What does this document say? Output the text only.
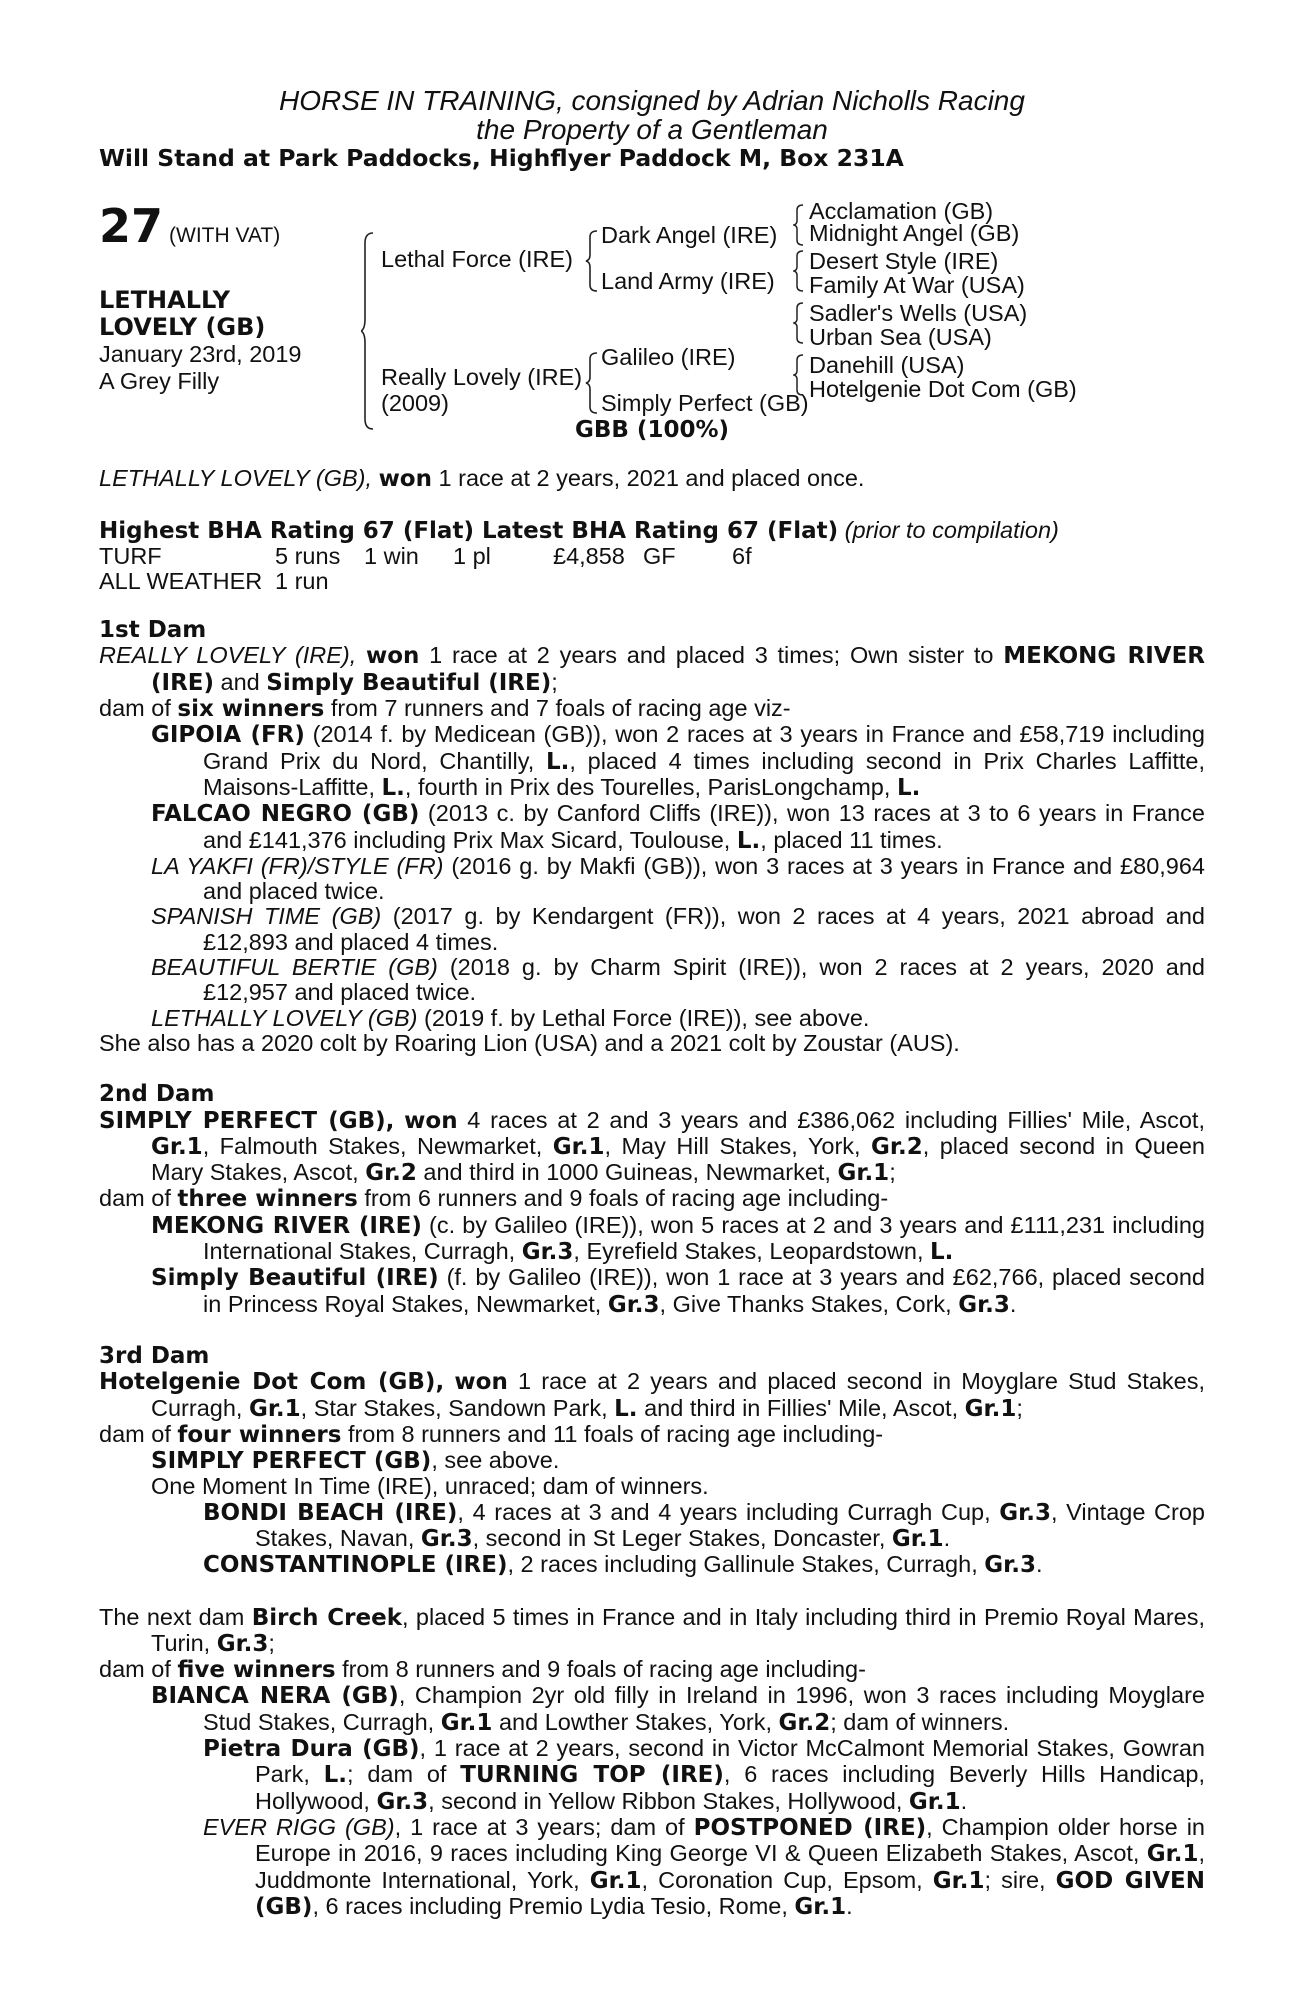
HORSE IN TRAINING, consigned by Adrian Nicholls Racing
the Property of a Gentleman
Will Stand at Park Paddocks, Highflyer Paddock M, Box 231A
27 (WITH VAT)
LETHALLY
LOVELY (GB)
January 23rd, 2019
A Grey Filly
Lethal Force (IRE)
Really Lovely (IRE)
(2009)
Dark Angel (IRE)
Land Army (IRE)
Galileo (IRE)
Simply Perfect (GB)
Acclamation (GB)
Midnight Angel (GB)
Desert Style (IRE)
Family At War (USA)
Sadler's Wells (USA)
Urban Sea (USA)
Danehill (USA)
Hotelgenie Dot Com (GB)
GBB (100%)
LETHALLY LOVELY (GB), won 1 race at 2 years, 2021 and placed once.
Highest BHA Rating 67 (Flat) Latest BHA Rating 67 (Flat) (prior to compilation)
TURF	5 runs	1 win	1 pl	£4,858	GF	6f
ALL WEATHER	1 run					
1st Dam
REALLY LOVELY (IRE), won 1 race at 2 years and placed 3 times; Own sister to MEKONG RIVER (IRE) and Simply Beautiful (IRE);
dam of six winners from 7 runners and 7 foals of racing age viz-
GIPOIA (FR) (2014 f. by Medicean (GB)), won 2 races at 3 years in France and £58,719 including Grand Prix du Nord, Chantilly, L., placed 4 times including second in Prix Charles Laffitte, Maisons-Laffitte, L., fourth in Prix des Tourelles, ParisLongchamp, L.
FALCAO NEGRO (GB) (2013 c. by Canford Cliffs (IRE)), won 13 races at 3 to 6 years in France and £141,376 including Prix Max Sicard, Toulouse, L., placed 11 times.
LA YAKFI (FR)/STYLE (FR) (2016 g. by Makfi (GB)), won 3 races at 3 years in France and £80,964 and placed twice.
SPANISH TIME (GB) (2017 g. by Kendargent (FR)), won 2 races at 4 years, 2021 abroad and £12,893 and placed 4 times.
BEAUTIFUL BERTIE (GB) (2018 g. by Charm Spirit (IRE)), won 2 races at 2 years, 2020 and £12,957 and placed twice.
LETHALLY LOVELY (GB) (2019 f. by Lethal Force (IRE)), see above.
She also has a 2020 colt by Roaring Lion (USA) and a 2021 colt by Zoustar (AUS).
2nd Dam
SIMPLY PERFECT (GB), won 4 races at 2 and 3 years and £386,062 including Fillies' Mile, Ascot, Gr.1, Falmouth Stakes, Newmarket, Gr.1, May Hill Stakes, York, Gr.2, placed second in Queen Mary Stakes, Ascot, Gr.2 and third in 1000 Guineas, Newmarket, Gr.1;
dam of three winners from 6 runners and 9 foals of racing age including-
MEKONG RIVER (IRE) (c. by Galileo (IRE)), won 5 races at 2 and 3 years and £111,231 including International Stakes, Curragh, Gr.3, Eyrefield Stakes, Leopardstown, L.
Simply Beautiful (IRE) (f. by Galileo (IRE)), won 1 race at 3 years and £62,766, placed second in Princess Royal Stakes, Newmarket, Gr.3, Give Thanks Stakes, Cork, Gr.3.
3rd Dam
Hotelgenie Dot Com (GB), won 1 race at 2 years and placed second in Moyglare Stud Stakes, Curragh, Gr.1, Star Stakes, Sandown Park, L. and third in Fillies' Mile, Ascot, Gr.1;
dam of four winners from 8 runners and 11 foals of racing age including-
SIMPLY PERFECT (GB), see above.
One Moment In Time (IRE), unraced; dam of winners.
BONDI BEACH (IRE), 4 races at 3 and 4 years including Curragh Cup, Gr.3, Vintage Crop Stakes, Navan, Gr.3, second in St Leger Stakes, Doncaster, Gr.1.
CONSTANTINOPLE (IRE), 2 races including Gallinule Stakes, Curragh, Gr.3.
The next dam Birch Creek, placed 5 times in France and in Italy including third in Premio Royal Mares, Turin, Gr.3;
dam of five winners from 8 runners and 9 foals of racing age including-
BIANCA NERA (GB), Champion 2yr old filly in Ireland in 1996, won 3 races including Moyglare Stud Stakes, Curragh, Gr.1 and Lowther Stakes, York, Gr.2; dam of winners.
Pietra Dura (GB), 1 race at 2 years, second in Victor McCalmont Memorial Stakes, Gowran Park, L.; dam of TURNING TOP (IRE), 6 races including Beverly Hills Handicap, Hollywood, Gr.3, second in Yellow Ribbon Stakes, Hollywood, Gr.1.
EVER RIGG (GB), 1 race at 3 years; dam of POSTPONED (IRE), Champion older horse in Europe in 2016, 9 races including King George VI & Queen Elizabeth Stakes, Ascot, Gr.1, Juddmonte International, York, Gr.1, Coronation Cup, Epsom, Gr.1; sire, GOD GIVEN (GB), 6 races including Premio Lydia Tesio, Rome, Gr.1.
